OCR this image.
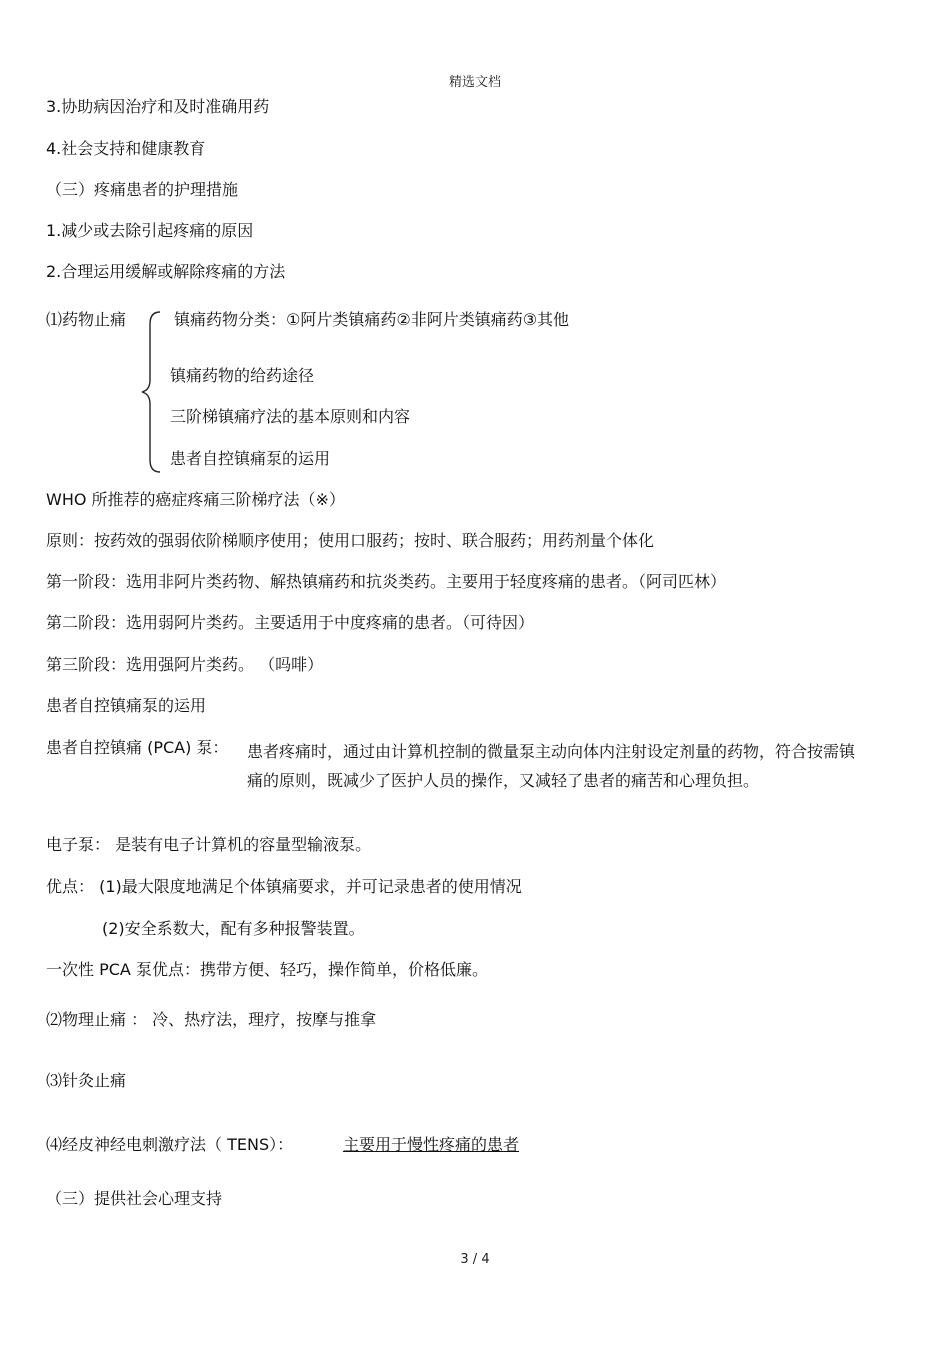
精选文档
3.协助病因治疗和及时准确用药
4.社会支持和健康教育
（三）疼痛患者的护理措施
1.减少或去除引起疼痛的原因
2.合理运用缓解或解除疼痛的方法
⑴药物止痛	镇痛药物分类：①阿片类镇痛药②非阿片类镇痛药③其他
镇痛药物的给药途径
三阶梯镇痛疗法的基本原则和内容
患者自控镇痛泵的运用
WHO 所推荐的癌症疼痛三阶梯疗法（※）
原则：按药效的强弱依阶梯顺序使用；使用口服药；按时、联合服药；用药剂量个体化
第一阶段：选用非阿片类药物、解热镇痛药和抗炎类药。主要用于轻度疼痛的患者。（阿司匹林）
第二阶段：选用弱阿片类药。主要适用于中度疼痛的患者。（可待因）
第三阶段：选用强阿片类药。 （吗啡）
患者自控镇痛泵的运用
患者自控镇痛 (PCA) 泵： 患者疼痛时，通过由计算机控制的微量泵主动向体内注射设定剂量的药物，符合按需镇痛的原则，既减少了医护人员的操作，又减轻了患者的痛苦和心理负担。
电子泵： 是装有电子计算机的容量型输液泵。
优点： (1)最大限度地满足个体镇痛要求，并可记录患者的使用情况
(2)安全系数大，配有多种报警装置。
一次性 PCA 泵优点：携带方便、轻巧，操作简单，价格低廉。
⑵物理止痛 ： 冷、热疗法，理疗，按摩与推拿
⑶针灸止痛
⑷经皮神经电刺激疗法（ TENS）：	主要用于慢性疼痛的患者
（三）提供社会心理支持
3 / 4
